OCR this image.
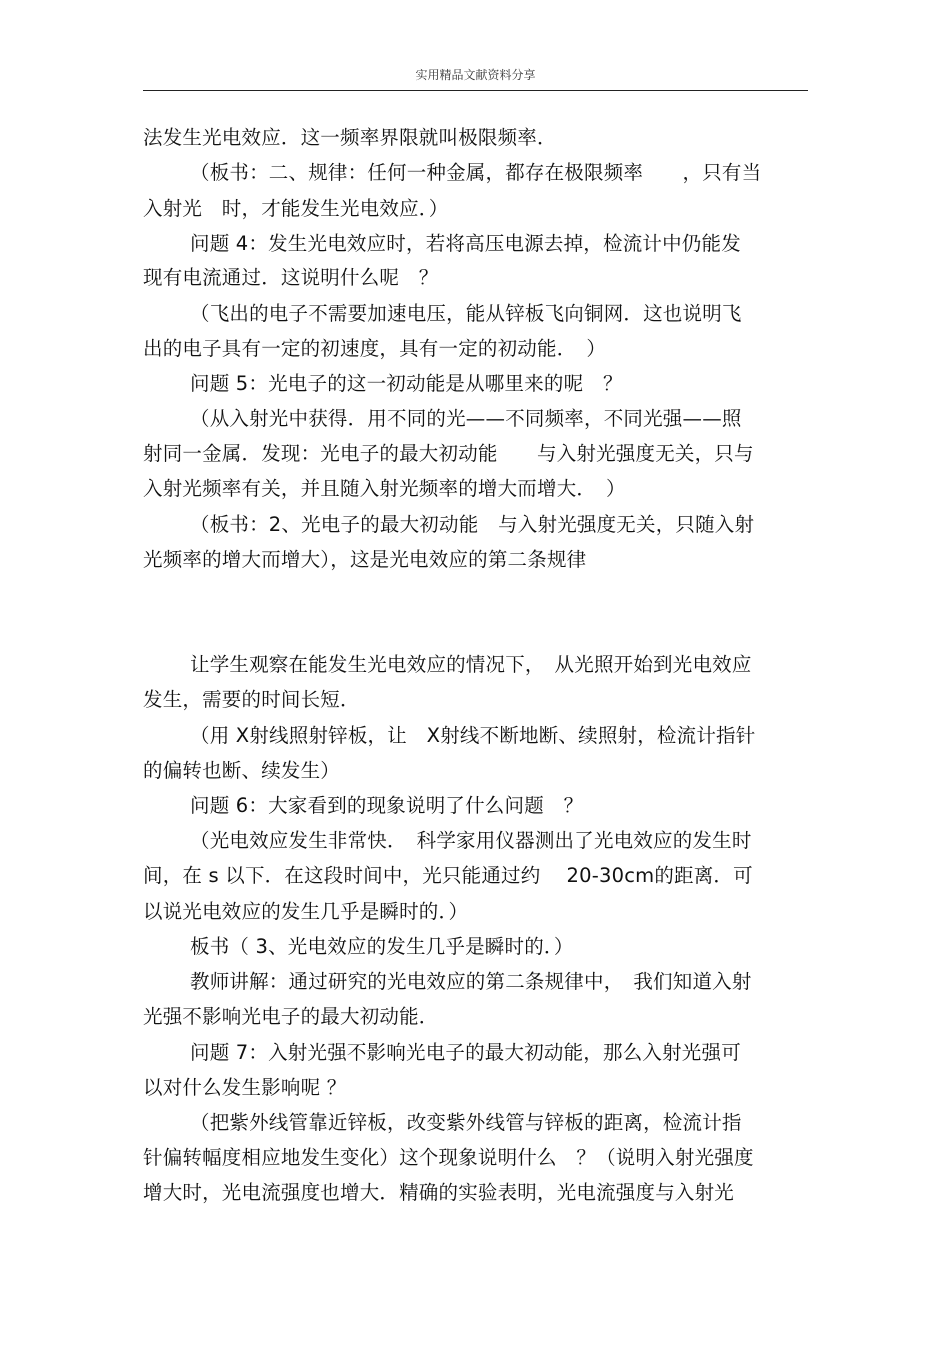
实用精品文献资料分享
法发生光电效应．这一频率界限就叫极限频率．
（板书：二、规律：任何一种金属，都存在极限频率　　，只有当
入射光　时，才能发生光电效应．）
问题 4：发生光电效应时，若将高压电源去掉，检流计中仍能发
现有电流通过．这说明什么呢　？
（飞出的电子不需要加速电压，能从锌板飞向铜网．这也说明飞
出的电子具有一定的初速度，具有一定的初动能．　）
问题 5：光电子的这一初动能是从哪里来的呢　？
（从入射光中获得．用不同的光——不同频率，不同光强——照
射同一金属．发现：光电子的最大初动能　　与入射光强度无关，只与
入射光频率有关，并且随入射光频率的增大而增大．　）
（板书：2、光电子的最大初动能　与入射光强度无关，只随入射
光频率的增大而增大），这是光电效应的第二条规律
让学生观察在能发生光电效应的情况下，　从光照开始到光电效应
发生，需要的时间长短．
（用 X射线照射锌板，让　X射线不断地断、续照射，检流计指针
的偏转也断、续发生）
问题 6：大家看到的现象说明了什么问题　？
（光电效应发生非常快．　科学家用仪器测出了光电效应的发生时
间，在 s 以下．在这段时间中，光只能通过约　 20-30cm的距离．可
以说光电效应的发生几乎是瞬时的．）
板书（ 3、光电效应的发生几乎是瞬时的．）
教师讲解：通过研究的光电效应的第二条规律中，　我们知道入射
光强不影响光电子的最大初动能．
问题 7：入射光强不影响光电子的最大初动能，那么入射光强可
以对什么发生影响呢 ？
（把紫外线管靠近锌板，改变紫外线管与锌板的距离，检流计指
针偏转幅度相应地发生变化）这个现象说明什么　？（说明入射光强度
增大时，光电流强度也增大．精确的实验表明，光电流强度与入射光
